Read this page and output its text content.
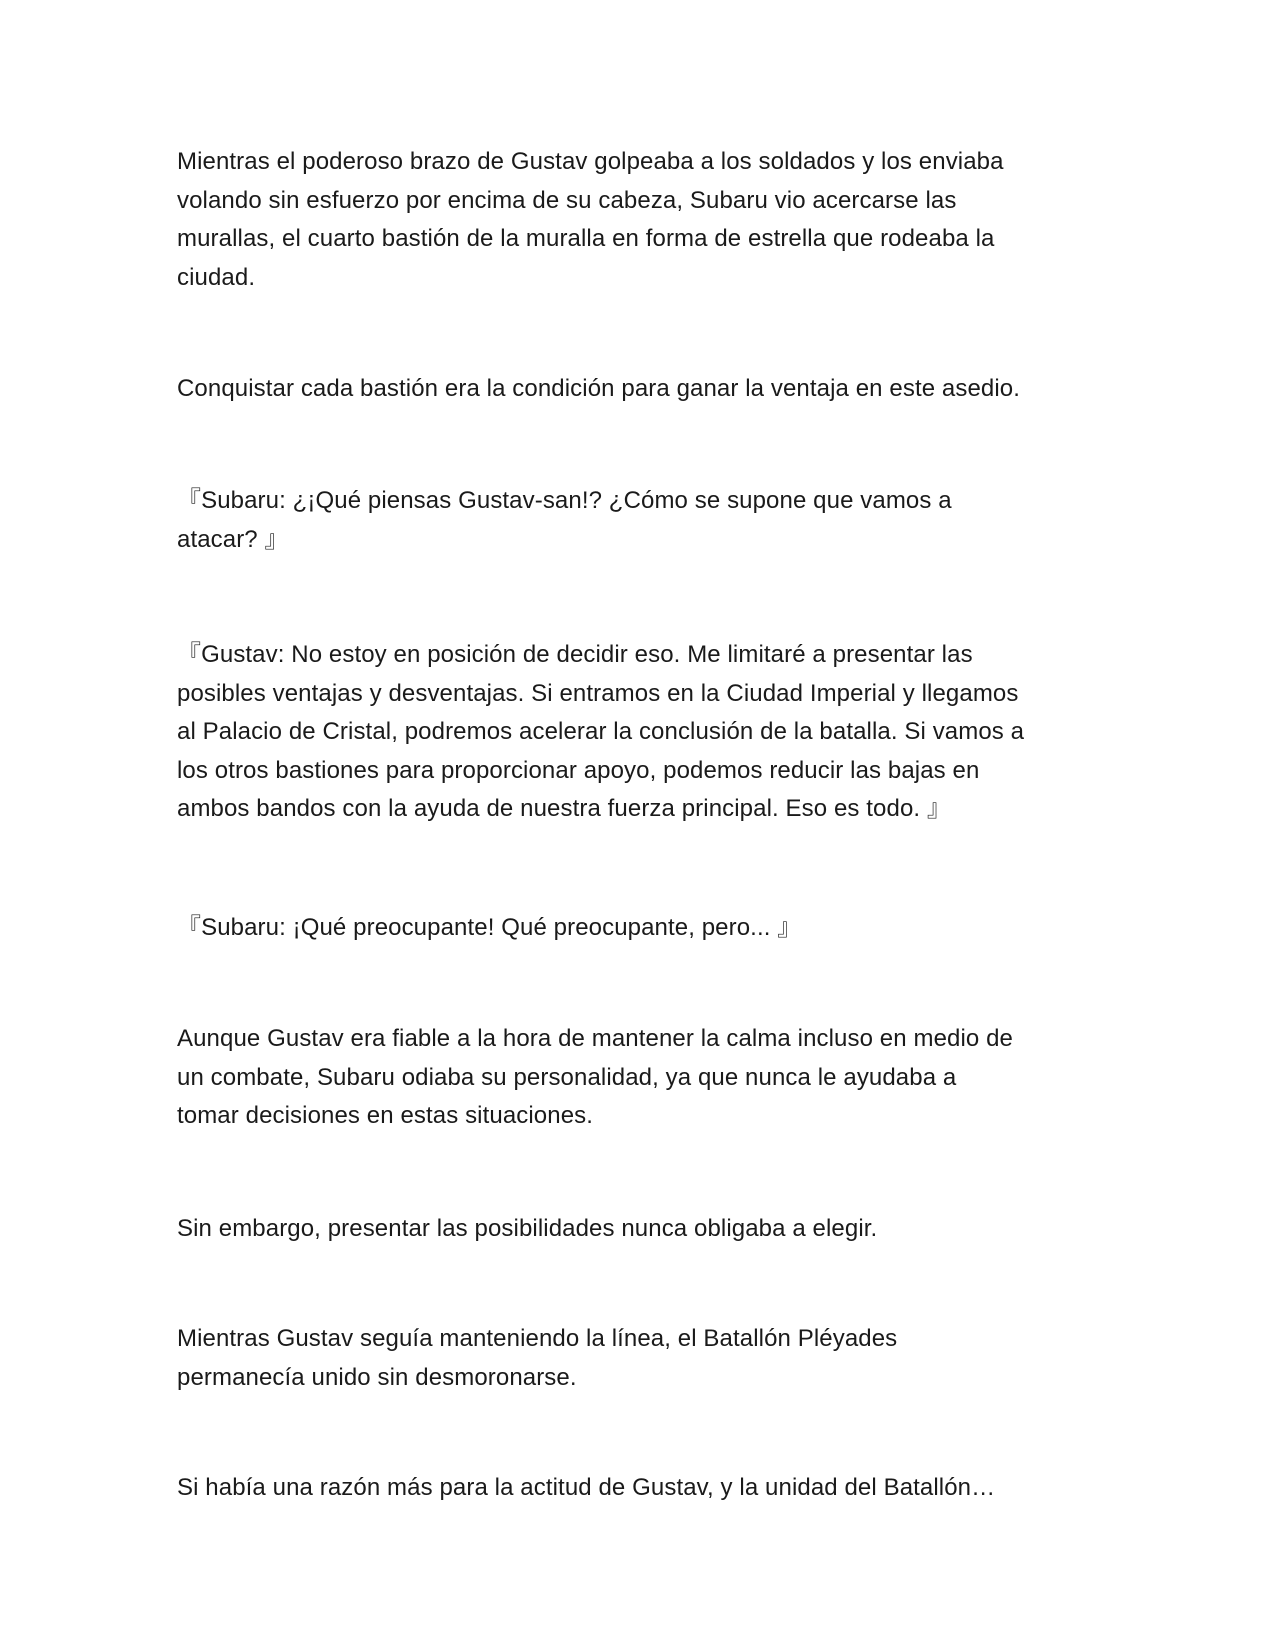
Mientras el poderoso brazo de Gustav golpeaba a los soldados y los enviaba
volando sin esfuerzo por encima de su cabeza, Subaru vio acercarse las
murallas, el cuarto bastión de la muralla en forma de estrella que rodeaba la
ciudad.

Conquistar cada bastión era la condición para ganar la ventaja en este asedio.

『Subaru: ¿¡Qué piensas Gustav-san!? ¿Cómo se supone que vamos a
atacar? 』

『Gustav: No estoy en posición de decidir eso. Me limitaré a presentar las
posibles ventajas y desventajas. Si entramos en la Ciudad Imperial y llegamos
al Palacio de Cristal, podremos acelerar la conclusión de la batalla. Si vamos a
los otros bastiones para proporcionar apoyo, podemos reducir las bajas en
ambos bandos con la ayuda de nuestra fuerza principal. Eso es todo. 』

『Subaru: ¡Qué preocupante! Qué preocupante, pero... 』

Aunque Gustav era fiable a la hora de mantener la calma incluso en medio de
un combate, Subaru odiaba su personalidad, ya que nunca le ayudaba a
tomar decisiones en estas situaciones.

Sin embargo, presentar las posibilidades nunca obligaba a elegir.

Mientras Gustav seguía manteniendo la línea, el Batallón Pléyades
permanecía unido sin desmoronarse.

Si había una razón más para la actitud de Gustav, y la unidad del Batallón…
